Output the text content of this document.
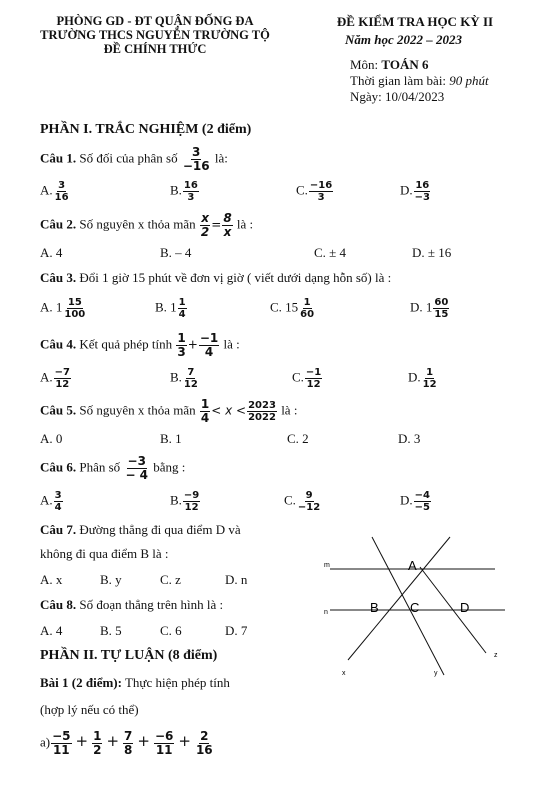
PHÒNG GD - ĐT QUẬN ĐỐNG ĐA
TRƯỜNG THCS NGUYỄN TRƯỜNG TỘ
ĐỀ CHÍNH THỨC
ĐỀ KIỂM TRA HỌC KỲ II
Năm học 2022 – 2023
Môn: TOÁN 6
Thời gian làm bài: 90 phút
Ngày: 10/04/2023
PHẦN I. TRẮC NGHIỆM (2 điểm)
Câu 1. Số đối của phân số $\frac{3}{-16}$ là:
A. $\frac{3}{16}$	B. $\frac{16}{3}$	C. $\frac{-16}{3}$	D. $\frac{16}{-3}$
Câu 2. Số nguyên x thỏa mãn $\frac{x}{2} = \frac{8}{x}$ là :
A. 4	B. – 4	C. ± 4	D. ± 16
Câu 3. Đổi 1 giờ 15 phút về đơn vị giờ ( viết dưới dạng hỗn số) là :
A. $1 \frac{15}{100}$	B. $1 \frac{1}{4}$	C. $15 \frac{1}{60}$	D. $1 \frac{60}{15}$
Câu 4. Kết quả phép tính $\frac{1}{3} + \frac{-1}{4}$ là :
A. $\frac{-7}{12}$	B. $\frac{7}{12}$	C. $\frac{-1}{12}$	D. $\frac{1}{12}$
Câu 5. Số nguyên x thỏa mãn $\frac{1}{4} < x < \frac{2023}{2022}$ là :
A. 0	B. 1	C. 2	D. 3
Câu 6. Phân số $\frac{-3}{- 4}$ bằng :
A. $\frac{3}{4}$	B. $\frac{-9}{12}$	C. $\frac{9}{-12}$	D. $\frac{-4}{-5}$
Câu 7. Đường thẳng đi qua điểm D và
không đi qua điểm B là :
A. x	B. y	C. z	D. n
Câu 8. Số đoạn thẳng trên hình là :
A. 4	B. 5	C. 6	D. 7
m
n
x	y
z
A
B C	D
PHẦN II. TỰ LUẬN (8 điểm)
Bài 1 (2 điểm): Thực hiện phép tính
(hợp lý nếu có thể)
$a) \frac{-5}{11} + \frac{1}{2} + \frac{7}{8} + \frac{-6}{11} + \frac{2}{16}$
